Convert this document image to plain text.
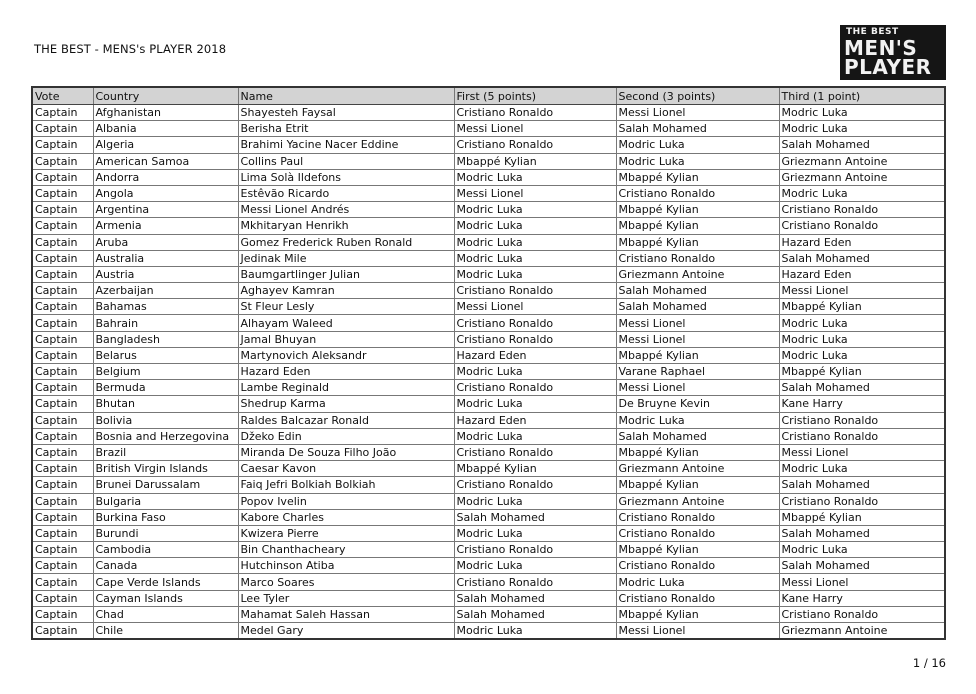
THE BEST - MENS's PLAYER 2018
THE BEST
MEN'S
PLAYER
Vote	Country	Name	First (5 points)	Second (3 points)	Third (1 point)
Captain	Afghanistan	Shayesteh Faysal	Cristiano Ronaldo	Messi Lionel	Modric Luka
Captain	Albania	Berisha Etrit	Messi Lionel	Salah Mohamed	Modric Luka
Captain	Algeria	Brahimi Yacine Nacer Eddine	Cristiano Ronaldo	Modric Luka	Salah Mohamed
Captain	American Samoa	Collins Paul	Mbappé Kylian	Modric Luka	Griezmann Antoine
Captain	Andorra	Lima Solà Ildefons	Modric Luka	Mbappé Kylian	Griezmann Antoine
Captain	Angola	Estêvão Ricardo	Messi Lionel	Cristiano Ronaldo	Modric Luka
Captain	Argentina	Messi Lionel Andrés	Modric Luka	Mbappé Kylian	Cristiano Ronaldo
Captain	Armenia	Mkhitaryan Henrikh	Modric Luka	Mbappé Kylian	Cristiano Ronaldo
Captain	Aruba	Gomez Frederick Ruben Ronald	Modric Luka	Mbappé Kylian	Hazard Eden
Captain	Australia	Jedinak Mile	Modric Luka	Cristiano Ronaldo	Salah Mohamed
Captain	Austria	Baumgartlinger Julian	Modric Luka	Griezmann Antoine	Hazard Eden
Captain	Azerbaijan	Aghayev Kamran	Cristiano Ronaldo	Salah Mohamed	Messi Lionel
Captain	Bahamas	St Fleur Lesly	Messi Lionel	Salah Mohamed	Mbappé Kylian
Captain	Bahrain	Alhayam Waleed	Cristiano Ronaldo	Messi Lionel	Modric Luka
Captain	Bangladesh	Jamal Bhuyan	Cristiano Ronaldo	Messi Lionel	Modric Luka
Captain	Belarus	Martynovich Aleksandr	Hazard Eden	Mbappé Kylian	Modric Luka
Captain	Belgium	Hazard Eden	Modric Luka	Varane Raphael	Mbappé Kylian
Captain	Bermuda	Lambe Reginald	Cristiano Ronaldo	Messi Lionel	Salah Mohamed
Captain	Bhutan	Shedrup Karma	Modric Luka	De Bruyne Kevin	Kane Harry
Captain	Bolivia	Raldes Balcazar Ronald	Hazard Eden	Modric Luka	Cristiano Ronaldo
Captain	Bosnia and Herzegovina	Džeko Edin	Modric Luka	Salah Mohamed	Cristiano Ronaldo
Captain	Brazil	Miranda De Souza Filho João	Cristiano Ronaldo	Mbappé Kylian	Messi Lionel
Captain	British Virgin Islands	Caesar Kavon	Mbappé Kylian	Griezmann Antoine	Modric Luka
Captain	Brunei Darussalam	Faiq Jefri Bolkiah Bolkiah	Cristiano Ronaldo	Mbappé Kylian	Salah Mohamed
Captain	Bulgaria	Popov Ivelin	Modric Luka	Griezmann Antoine	Cristiano Ronaldo
Captain	Burkina Faso	Kabore Charles	Salah Mohamed	Cristiano Ronaldo	Mbappé Kylian
Captain	Burundi	Kwizera Pierre	Modric Luka	Cristiano Ronaldo	Salah Mohamed
Captain	Cambodia	Bin Chanthacheary	Cristiano Ronaldo	Mbappé Kylian	Modric Luka
Captain	Canada	Hutchinson Atiba	Modric Luka	Cristiano Ronaldo	Salah Mohamed
Captain	Cape Verde Islands	Marco Soares	Cristiano Ronaldo	Modric Luka	Messi Lionel
Captain	Cayman Islands	Lee Tyler	Salah Mohamed	Cristiano Ronaldo	Kane Harry
Captain	Chad	Mahamat Saleh Hassan	Salah Mohamed	Mbappé Kylian	Cristiano Ronaldo
Captain	Chile	Medel Gary	Modric Luka	Messi Lionel	Griezmann Antoine
1 / 16
